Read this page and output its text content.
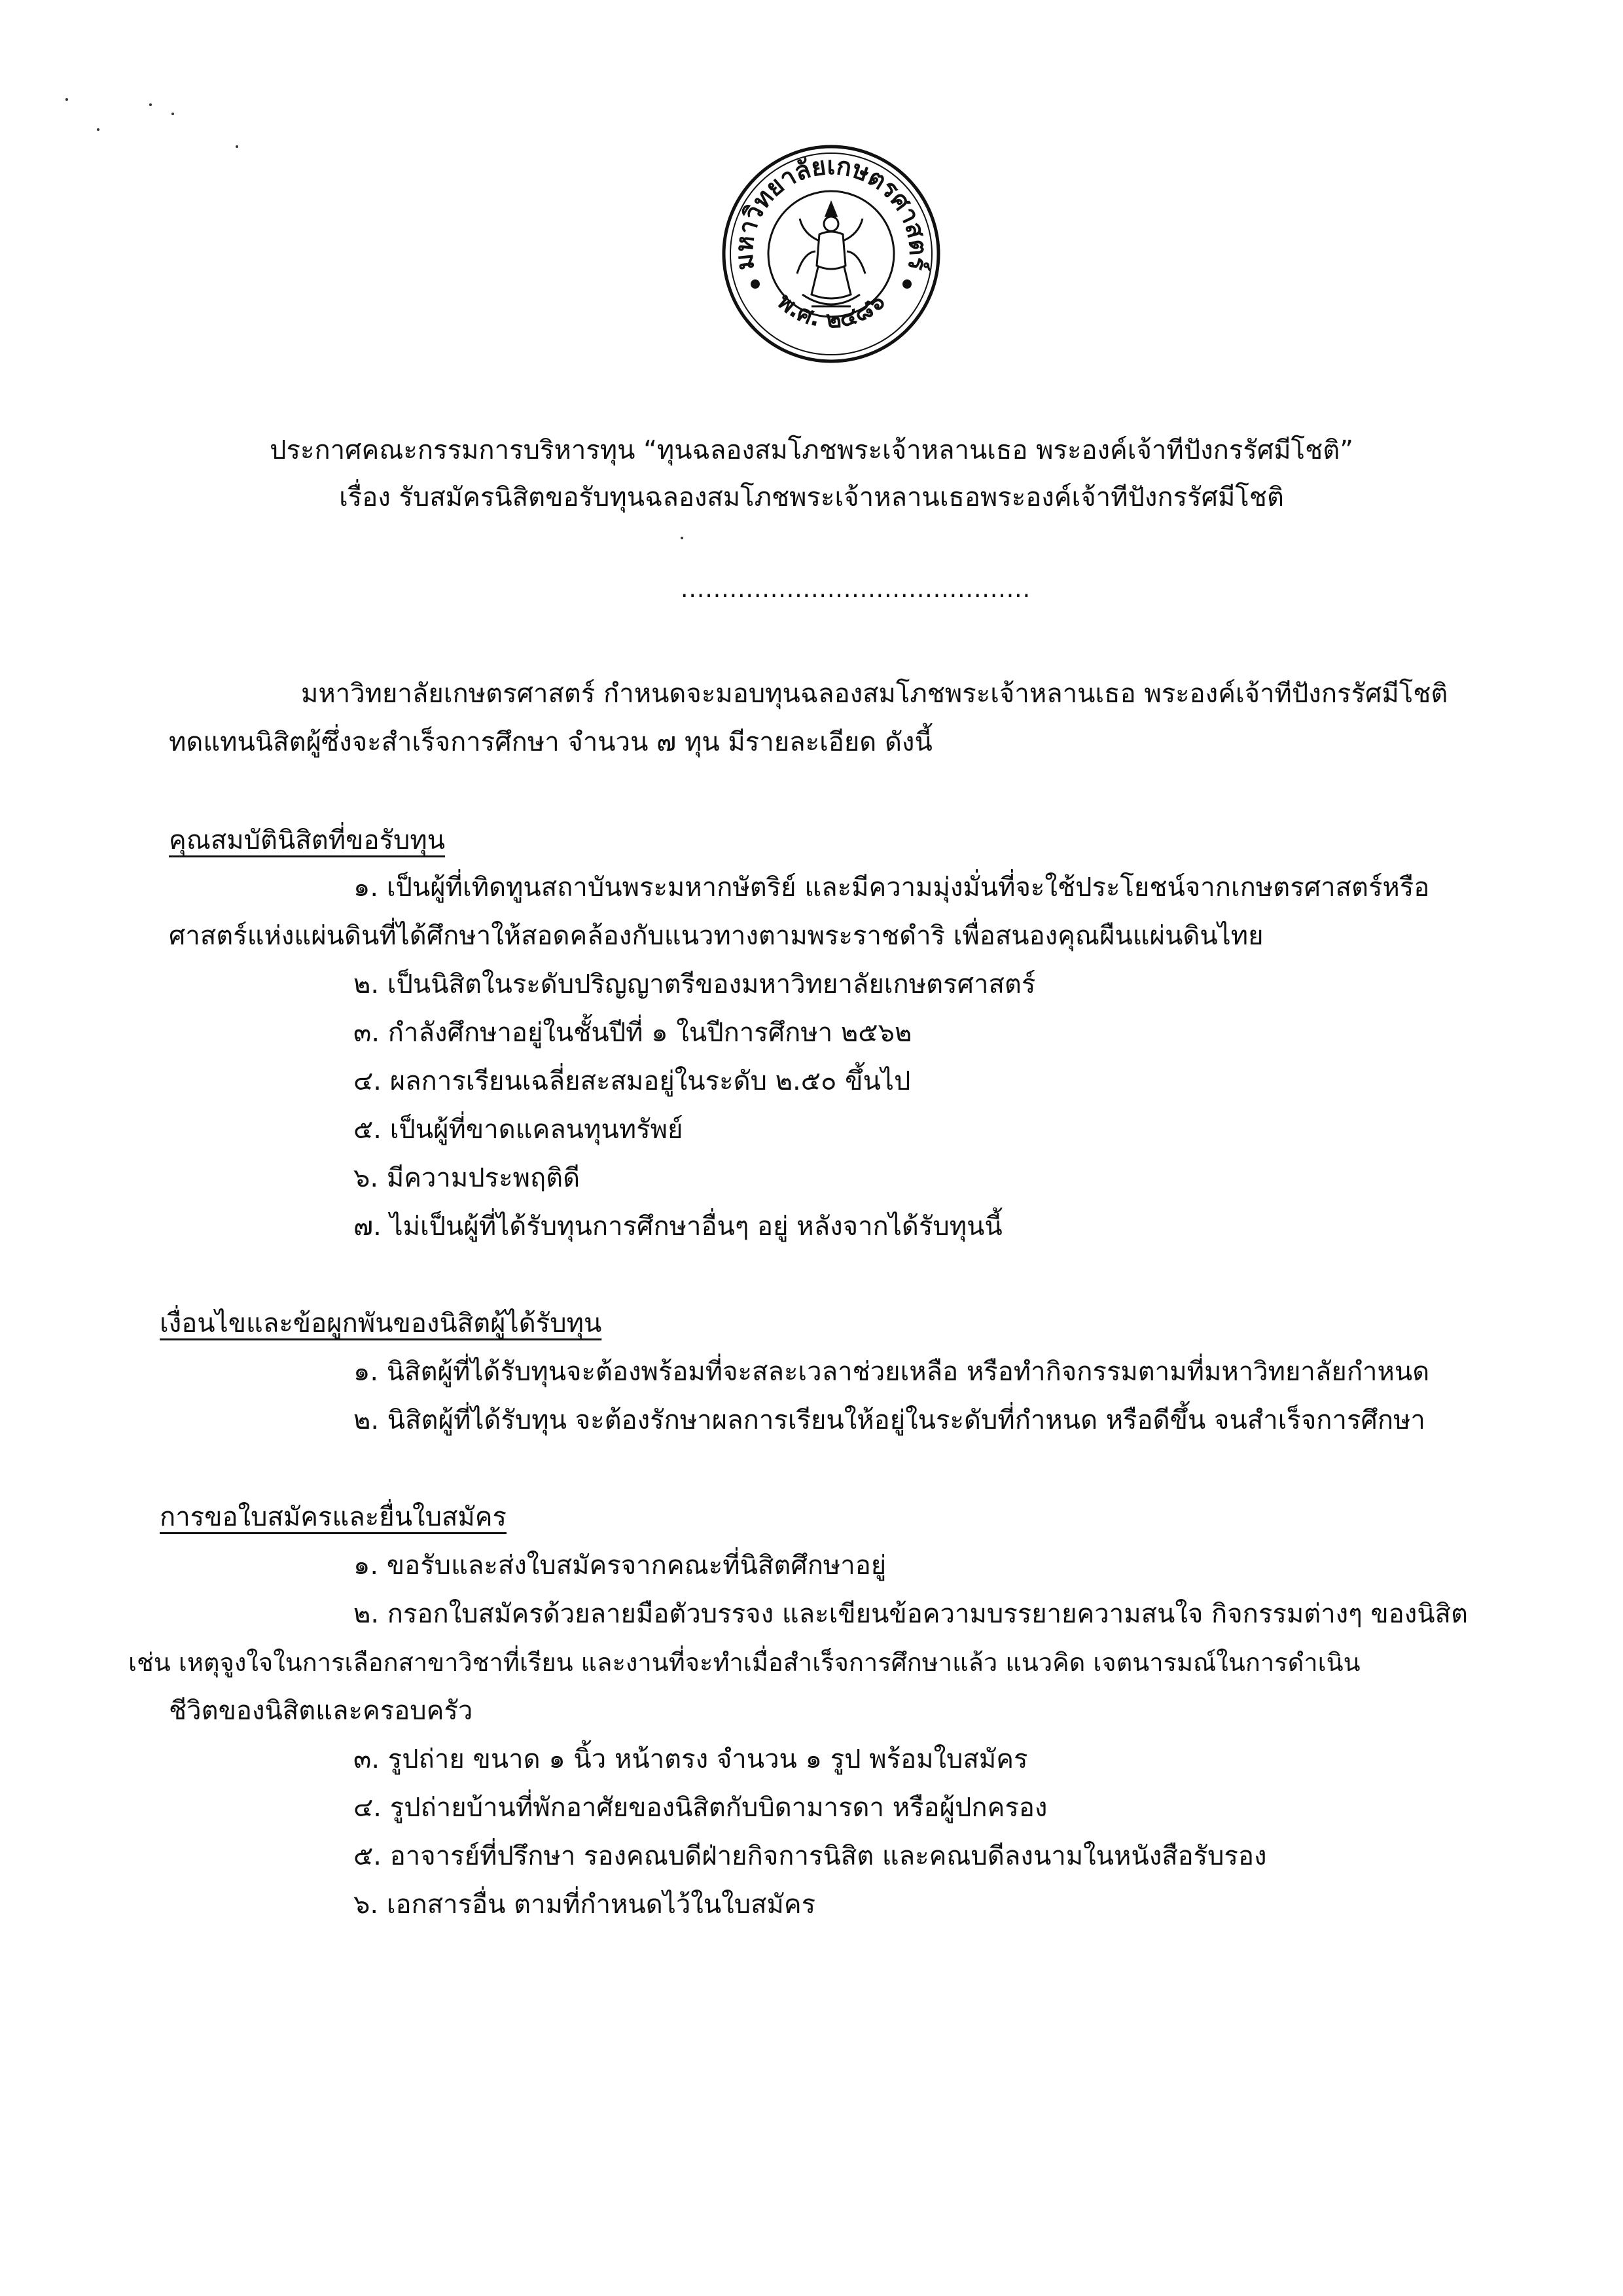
มหาวิทยาลัยเกษตรศาสตร์
พ.ศ. ๒๔๘๖
ประกาศคณะกรรมการบริหารทุน “ทุนฉลองสมโภชพระเจ้าหลานเธอ พระองค์เจ้าทีปังกรรัศมีโชติ”
เรื่อง รับสมัครนิสิตขอรับทุนฉลองสมโภชพระเจ้าหลานเธอพระองค์เจ้าทีปังกรรัศมีโชติ
...........................................
มหาวิทยาลัยเกษตรศาสตร์ กำหนดจะมอบทุนฉลองสมโภชพระเจ้าหลานเธอ พระองค์เจ้าทีปังกรรัศมีโชติ
ทดแทนนิสิตผู้ซึ่งจะสำเร็จการศึกษา จำนวน ๗ ทุน มีรายละเอียด ดังนี้
คุณสมบัตินิสิตที่ขอรับทุน
๑. เป็นผู้ที่เทิดทูนสถาบันพระมหากษัตริย์ และมีความมุ่งมั่นที่จะใช้ประโยชน์จากเกษตรศาสตร์หรือ
ศาสตร์แห่งแผ่นดินที่ได้ศึกษาให้สอดคล้องกับแนวทางตามพระราชดำริ เพื่อสนองคุณผืนแผ่นดินไทย
๒. เป็นนิสิตในระดับปริญญาตรีของมหาวิทยาลัยเกษตรศาสตร์
๓. กำลังศึกษาอยู่ในชั้นปีที่ ๑ ในปีการศึกษา ๒๕๖๒
๔. ผลการเรียนเฉลี่ยสะสมอยู่ในระดับ ๒.๕๐ ขึ้นไป
๕. เป็นผู้ที่ขาดแคลนทุนทรัพย์
๖. มีความประพฤติดี
๗. ไม่เป็นผู้ที่ได้รับทุนการศึกษาอื่นๆ อยู่ หลังจากได้รับทุนนี้
เงื่อนไขและข้อผูกพันของนิสิตผู้ได้รับทุน
๑. นิสิตผู้ที่ได้รับทุนจะต้องพร้อมที่จะสละเวลาช่วยเหลือ หรือทำกิจกรรมตามที่มหาวิทยาลัยกำหนด
๒. นิสิตผู้ที่ได้รับทุน จะต้องรักษาผลการเรียนให้อยู่ในระดับที่กำหนด หรือดีขึ้น จนสำเร็จการศึกษา
การขอใบสมัครและยื่นใบสมัคร
๑. ขอรับและส่งใบสมัครจากคณะที่นิสิตศึกษาอยู่
๒. กรอกใบสมัครด้วยลายมือตัวบรรจง และเขียนข้อความบรรยายความสนใจ กิจกรรมต่างๆ ของนิสิต
เช่น เหตุจูงใจในการเลือกสาขาวิชาที่เรียน และงานที่จะทำเมื่อสำเร็จการศึกษาแล้ว แนวคิด เจตนารมณ์ในการดำเนิน
ชีวิตของนิสิตและครอบครัว
๓. รูปถ่าย ขนาด ๑ นิ้ว หน้าตรง จำนวน ๑ รูป พร้อมใบสมัคร
๔. รูปถ่ายบ้านที่พักอาศัยของนิสิตกับบิดามารดา หรือผู้ปกครอง
๕. อาจารย์ที่ปรึกษา รองคณบดีฝ่ายกิจการนิสิต และคณบดีลงนามในหนังสือรับรอง
๖. เอกสารอื่น ตามที่กำหนดไว้ในใบสมัคร
